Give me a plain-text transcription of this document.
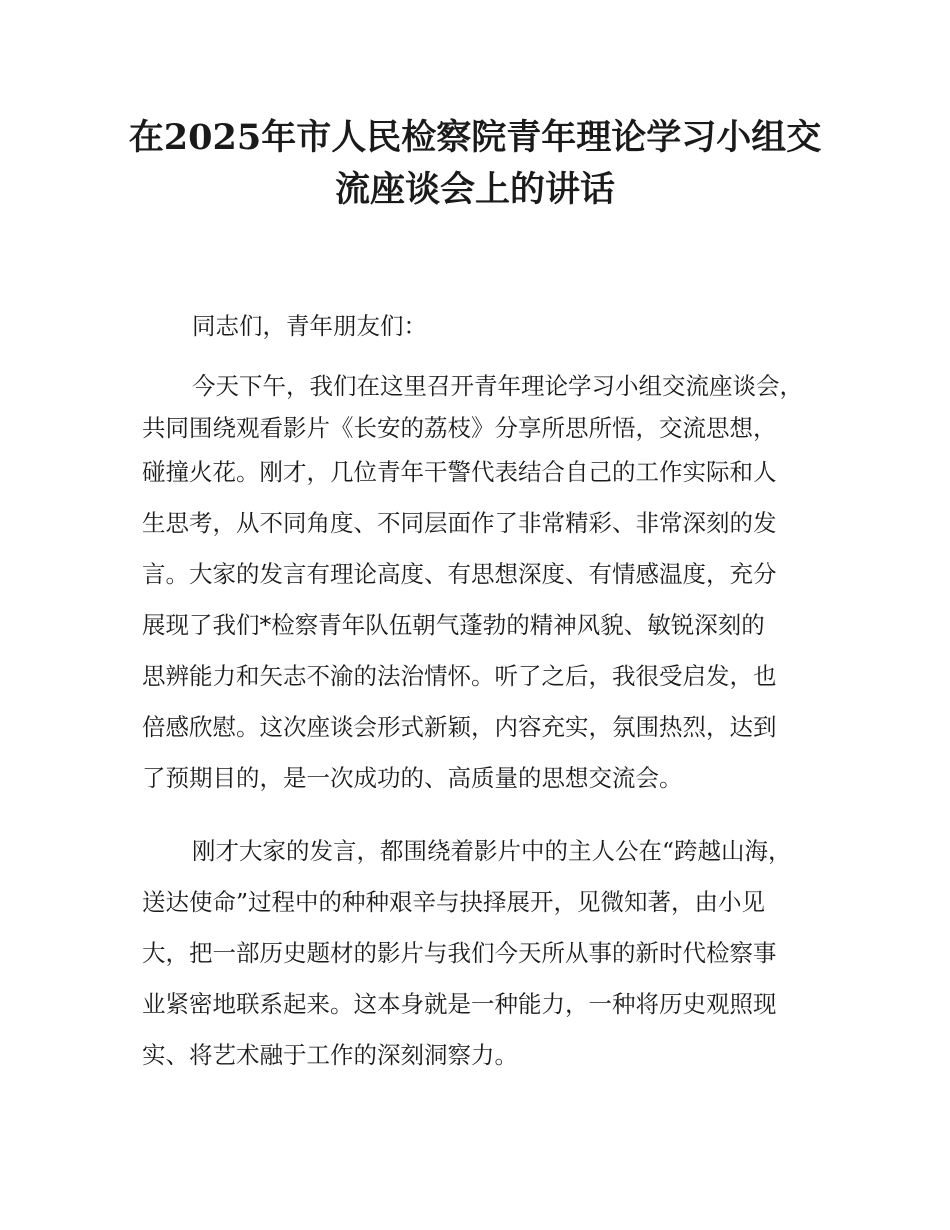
在2025年市人民检察院青年理论学习小组交
流座谈会上的讲话

同志们，青年朋友们：

今天下午，我们在这里召开青年理论学习小组交流座谈会，
共同围绕观看影片《长安的荔枝》分享所思所悟，交流思想，
碰撞火花。刚才，几位青年干警代表结合自己的工作实际和人
生思考，从不同角度、不同层面作了非常精彩、非常深刻的发
言。大家的发言有理论高度、有思想深度、有情感温度，充分
展现了我们*检察青年队伍朝气蓬勃的精神风貌、敏锐深刻的
思辨能力和矢志不渝的法治情怀。听了之后，我很受启发，也
倍感欣慰。这次座谈会形式新颖，内容充实，氛围热烈，达到
了预期目的，是一次成功的、高质量的思想交流会。
刚才大家的发言，都围绕着影片中的主人公在“跨越山海，
送达使命”过程中的种种艰辛与抉择展开，见微知著，由小见
大，把一部历史题材的影片与我们今天所从事的新时代检察事
业紧密地联系起来。这本身就是一种能力，一种将历史观照现
实、将艺术融于工作的深刻洞察力。
